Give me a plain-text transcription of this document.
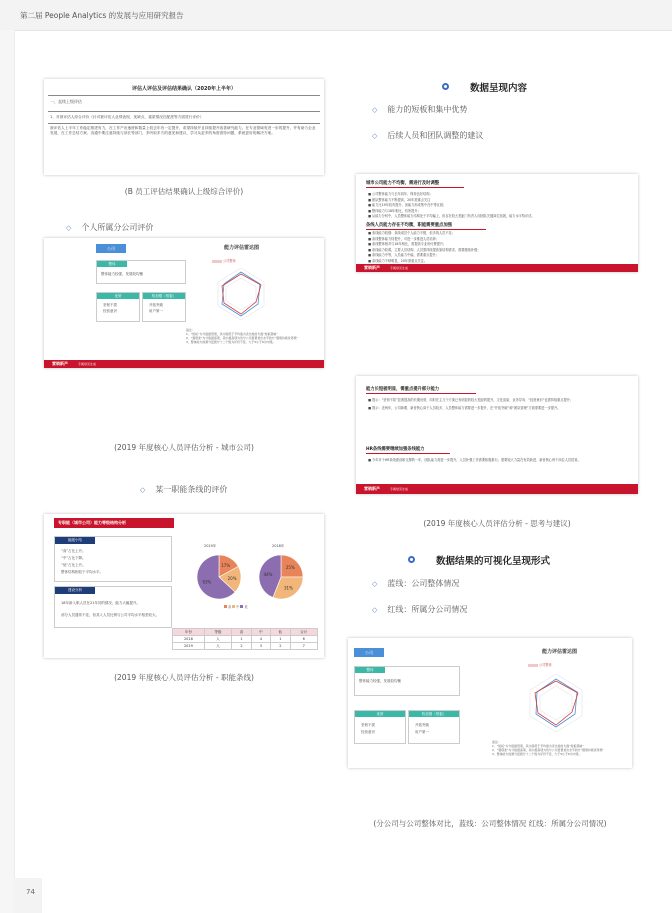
第二届 People Analytics 的发展与应用研究报告
74
评估人评估及评估结果确认（2020年上半年）
一、直线上级评估
1、对被评估人综合评价（针对被评估人业绩表现、优缺点、素质情况匹配度等方面进行评价）
被评估人上半年工作稳定推进有力，在工作产出速度和数量上较去年有一定提升，希望持续并且持续提升改善研究能力。在专业领域有进一步的提升，并有助力企业发展，在工作总结方案、沟通中要注意持续与部长等部门，多听取多方的意见和建议，学习从更多的角度看待问题，系统更好的解决方案。
(B 员工评估结果确认上级综合评价)
◇ 个人所属分公司评价
公司
整体
整体能力较强，发展较均衡
优势
坚韧不拔
经营意识
待加强（短板）
开拓突破
用户第一
能力评估雷达图
公司整体
备注：
1、“短板”为分值最低项，其中高低于平均值为突出差的方面“短板领域”
2、“强项差”为分值最高项，其中最高项为该分公司显著差出水平的方“强项持续优势项”
3、整体能力的满分层级分十二个级为评价不佳，大于5小于6为中级。
营销新产	专属常见生成
(2019 年度核心人员评估分析 - 城市公司)
◇ 某一职能条线的评价
专职能（城市公司）能力等级结构分析
能级小结
“高”占比上升。
“中”占比下降。
“低”占比上升。
整体结构相较于平均水平。
建设分析
18年新入职人员在21年初的情况，能力大幅提升。
部分人员通常不佳，但其入人员比例与公司平均水平相差较大。
2019年	2018年
17%
20%
63%
25%
31%
44%
高 中 低
年份	等级	高	中	低	合计
2018	人	1	4	1	6
2019	人	2	3	2	7
(2019 年度核心人员评估分析 - 职能条线)
数据呈现内容
◇ 能力的短板和集中优势
◇ 后续人员和团队调整的建议
城市公司能力不均衡，需进行及时调整
■ 公司整体能力与去年同年，保持良好结构；
■ 团队整体能力不断提高，20年需重点关注
■ 能力比19年较有提升，但能力形成集中在中等区段；
■ 整体能力与18年相比，有所提升；
■ 从能力分析中，人员整体能力结构处于平均偏上，但存在较大差距门负责人向团队关键岗位拓展，能力水平待评估。
条线人员能力存在不均衡，职能需要重点加强
■ 条线能力较强：条线成员个人能力不错，但多线人员不足；
■ 条线整体能力待提升，可进一步推进人员培养；
■ 条线整体相对与18年相比，需提高专业所付费提升；
■ 条线能力较弱，主要人员结构，人员需持续提高原结构需求，需要继续补强；
■ 条线能力中等，人员能力中偏，需要重点提升；
■ 条线能力不够明显，20年需重点关注。
营销新产	专属常见生成
能力长短板明显，需重点提升部分能力
■ 提示：“坚韧不拔”显著提高的长期优势，同时在主几个方面已有明显的较大差距的提升，文化渲染、业务导向、“经营意识”也需持续重点提升；
■ 提示：近两年，公司新增、新晋核心岗干人员较多，人员整体能力需要进一步提升，在“开拓突破”和“团队管理”方面需要进一步提升。
HR条线需要继续加强条线能力
■ 今年对于HR条线建设和支撑的一年，团队能力需进一步提升，人员补强工作需要积极推行。需要较大力量在有效新进、新晋核心骨干岗位人员招募。
营销新产	专属常见生成
(2019 年度核心人员评估分析 - 思考与建议)
数据结果的可视化呈现形式
◇ 蓝线：公司整体情况
◇ 红线：所属分公司情况
公司
整体
整体能力较强，发展较均衡
优势
坚韧不拔
经营意识
待加强（短板）
开拓突破
用户第一
能力评估雷达图
公司整体
备注：
1、“短板”为分值最低项，其中高低于平均值为突出差的方面“短板领域”
2、“强项差”为分值最高项，其中最高项为该分公司显著差出水平的方“强项持续优势项”
3、整体能力的满分层级分十二个级为评价不佳，大于5小于6为中级。
(分公司与公司整体对比，蓝线：公司整体情况 红线：所属分公司情况)
